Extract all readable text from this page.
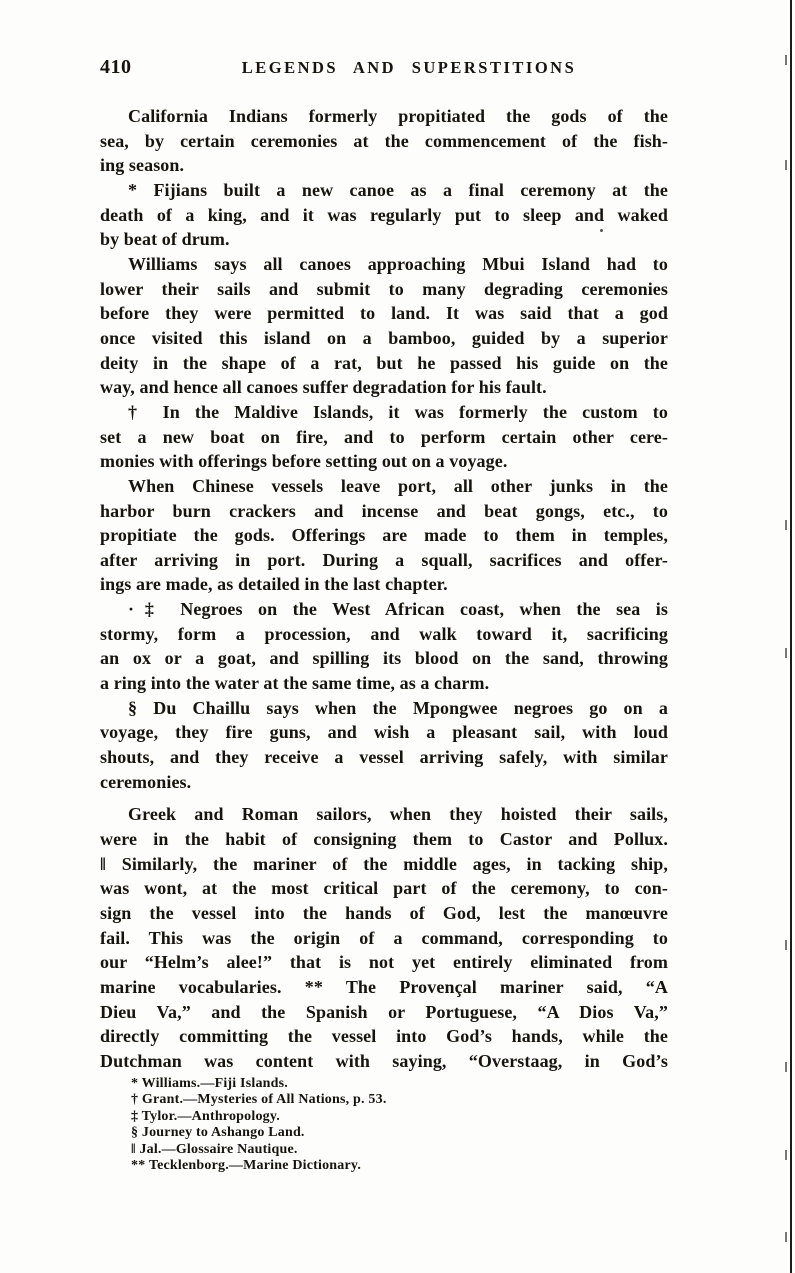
410	LEGENDS AND SUPERSTITIONS
California Indians formerly propitiated the gods of the
sea, by certain ceremonies at the commencement of the fish-
ing season.
* Fijians built a new canoe as a final ceremony at the
death of a king, and it was regularly put to sleep and waked
by beat of drum.
Williams says all canoes approaching Mbui Island had to
lower their sails and submit to many degrading ceremonies
before they were permitted to land. It was said that a god
once visited this island on a bamboo, guided by a superior
deity in the shape of a rat, but he passed his guide on the
way, and hence all canoes suffer degradation for his fault.
† In the Maldive Islands, it was formerly the custom to
set a new boat on fire, and to perform certain other cere-
monies with offerings before setting out on a voyage.
When Chinese vessels leave port, all other junks in the
harbor burn crackers and incense and beat gongs, etc., to
propitiate the gods. Offerings are made to them in temples,
after arriving in port. During a squall, sacrifices and offer-
ings are made, as detailed in the last chapter.
·‡ Negroes on the West African coast, when the sea is
stormy, form a procession, and walk toward it, sacrificing
an ox or a goat, and spilling its blood on the sand, throwing
a ring into the water at the same time, as a charm.
§ Du Chaillu says when the Mpongwee negroes go on a
voyage, they fire guns, and wish a pleasant sail, with loud
shouts, and they receive a vessel arriving safely, with similar
ceremonies.
Greek and Roman sailors, when they hoisted their sails,
were in the habit of consigning them to Castor and Pollux.
‖ Similarly, the mariner of the middle ages, in tacking ship,
was wont, at the most critical part of the ceremony, to con-
sign the vessel into the hands of God, lest the manœuvre
fail. This was the origin of a command, corresponding to
our “Helm’s alee!” that is not yet entirely eliminated from
marine vocabularies. ** The Provençal mariner said, “A
Dieu Va,” and the Spanish or Portuguese, “A Dios Va,”
directly committing the vessel into God’s hands, while the
Dutchman was content with saying, “Overstaag, in God’s
* Williams.—Fiji Islands.
† Grant.—Mysteries of All Nations, p. 53.
‡ Tylor.—Anthropology.
§ Journey to Ashango Land.
‖ Jal.—Glossaire Nautique.
** Tecklenborg.—Marine Dictionary.
